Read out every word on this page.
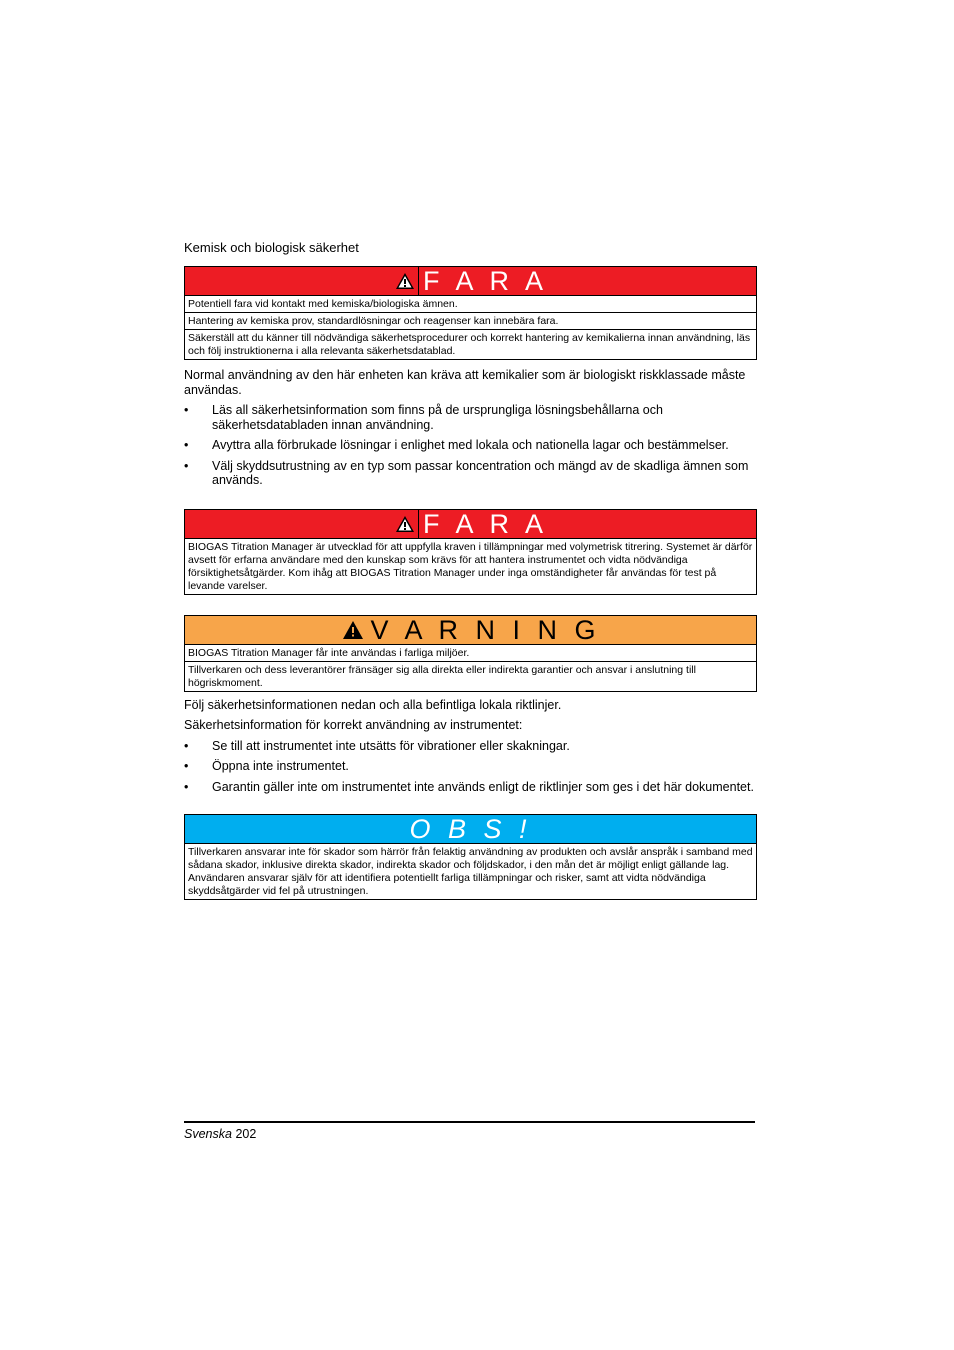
Kemisk och biologisk säkerhet
F A R A

Potentiell fara vid kontakt med kemiska/biologiska ämnen.

Hantering av kemiska prov, standardlösningar och reagenser kan innebära fara.

Säkerställ att du känner till nödvändiga säkerhetsprocedurer och korrekt hantering av kemikalierna innan användning, läs och följ instruktionerna i alla relevanta säkerhetsdatablad.

Normal användning av den här enheten kan kräva att kemikalier som är biologiskt riskklassade måste användas.

• Läs all säkerhetsinformation som finns på de ursprungliga lösningsbehållarna och säkerhetsdatabladen innan användning.
• Avyttra alla förbrukade lösningar i enlighet med lokala och nationella lagar och bestämmelser.
• Välj skyddsutrustning av en typ som passar koncentration och mängd av de skadliga ämnen som används.
F A R A

BIOGAS Titration Manager är utvecklad för att uppfylla kraven i tillämpningar med volymetrisk titrering. Systemet är därför avsett för erfarna användare med den kunskap som krävs för att hantera instrumentet och vidta nödvändiga försiktighetsåtgärder. Kom ihåg att BIOGAS Titration Manager under inga omständigheter får användas för test på levande varelser.

V A R N I N G

BIOGAS Titration Manager får inte användas i farliga miljöer.

Tillverkaren och dess leverantörer fränsäger sig alla direkta eller indirekta garantier och ansvar i anslutning till högriskmoment.

Följ säkerhetsinformationen nedan och alla befintliga lokala riktlinjer.

Säkerhetsinformation för korrekt användning av instrumentet:

• Se till att instrumentet inte utsätts för vibrationer eller skakningar.
• Öppna inte instrumentet.
• Garantin gäller inte om instrumentet inte används enligt de riktlinjer som ges i det här dokumentet.
O B S !

Tillverkaren ansvarar inte för skador som härrör från felaktig användning av produkten och avslår anspråk i samband med sådana skador, inklusive direkta skador, indirekta skador och följdskador, i den mån det är möjligt enligt gällande lag. Användaren ansvarar själv för att identifiera potentiellt farliga tillämpningar och risker, samt att vidta nödvändiga skyddsåtgärder vid fel på utrustningen.

Svenska 202
